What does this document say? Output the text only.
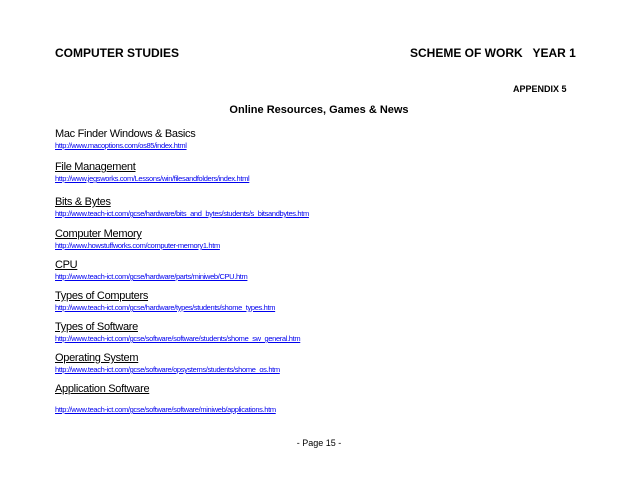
COMPUTER STUDIES	SCHEME OF WORK   YEAR 1
APPENDIX 5
Online Resources, Games & News
Mac Finder Windows & Basics
http://www.macoptions.com/os85/index.html
File Management
http://www.jegsworks.com/Lessons/win/filesandfolders/index.html
Bits & Bytes
http://www.teach-ict.com/gcse/hardware/bits_and_bytes/students/s_bitsandbytes.htm
Computer Memory
http://www.howstuffworks.com/computer-memory1.htm
CPU
http://www.teach-ict.com/gcse/hardware/parts/miniweb/CPU.htm
Types of Computers
http://www.teach-ict.com/gcse/hardware/types/students/shome_types.htm
Types of Software
http://www.teach-ict.com/gcse/software/software/students/shome_sw_general.htm
Operating System
http://www.teach-ict.com/gcse/software/opsystems/students/shome_os.htm
Application Software
http://www.teach-ict.com/gcse/software/software/miniweb/applications.htm
- Page 15 -
